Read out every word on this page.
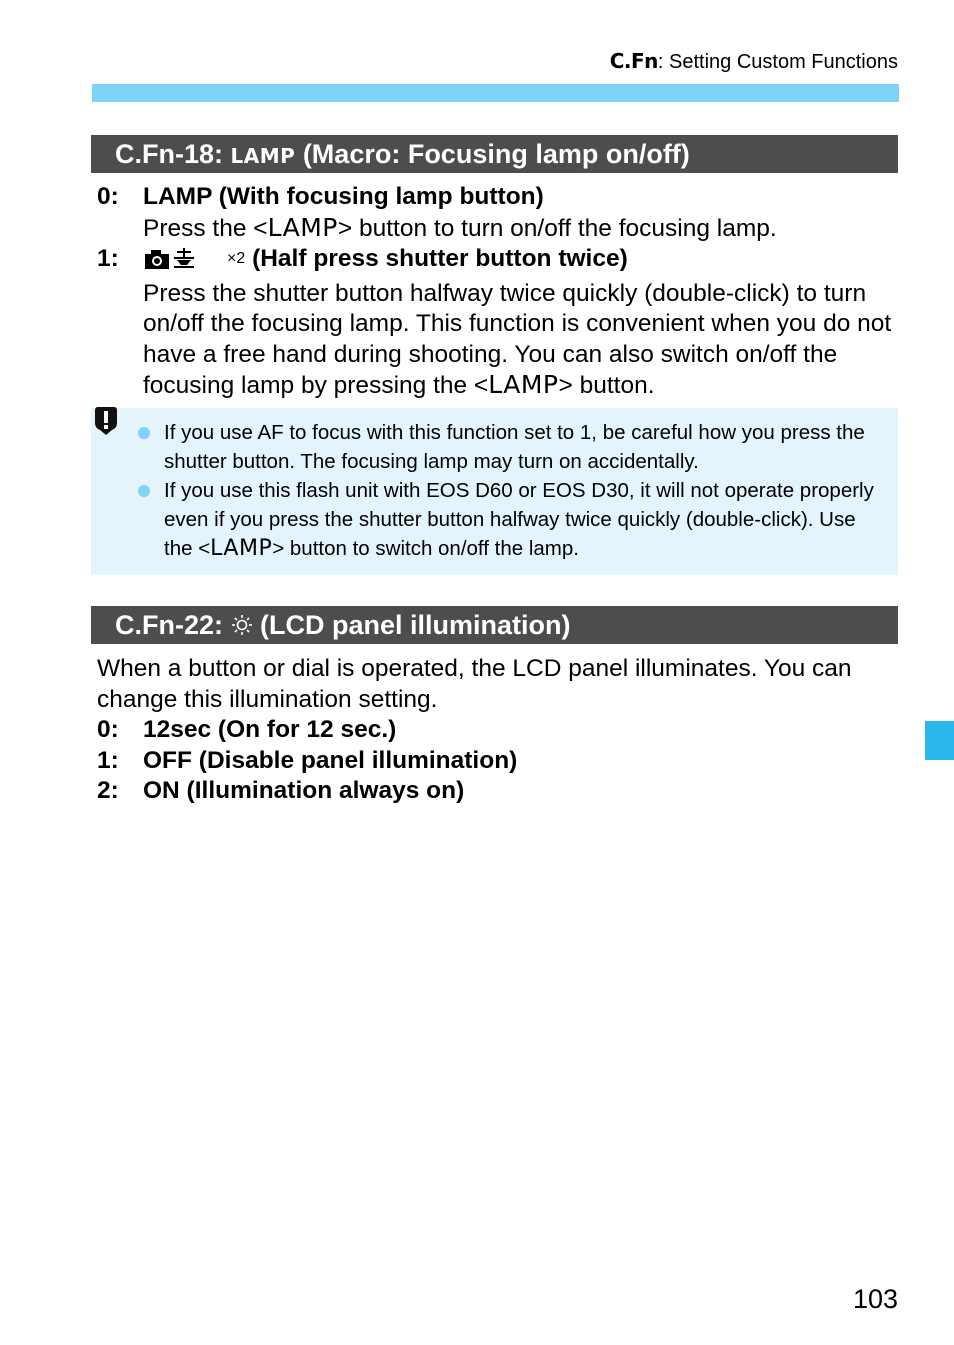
C.Fn: Setting Custom Functions
C.Fn-18: LAMP (Macro: Focusing lamp on/off)
0: LAMP (With focusing lamp button)
Press the <LAMP> button to turn on/off the focusing lamp.
1:	×2 (Half press shutter button twice)
Press the shutter button halfway twice quickly (double-click) to turn on/off the focusing lamp. This function is convenient when you do not have a free hand during shooting. You can also switch on/off the focusing lamp by pressing the <LAMP> button.
If you use AF to focus with this function set to 1, be careful how you press the shutter button. The focusing lamp may turn on accidentally.
If you use this flash unit with EOS D60 or EOS D30, it will not operate properly even if you press the shutter button halfway twice quickly (double-click). Use the <LAMP> button to switch on/off the lamp.
C.Fn-22:  (LCD panel illumination)
When a button or dial is operated, the LCD panel illuminates. You can change this illumination setting.
0: 12sec (On for 12 sec.)
1: OFF (Disable panel illumination)
2: ON (Illumination always on)
103
